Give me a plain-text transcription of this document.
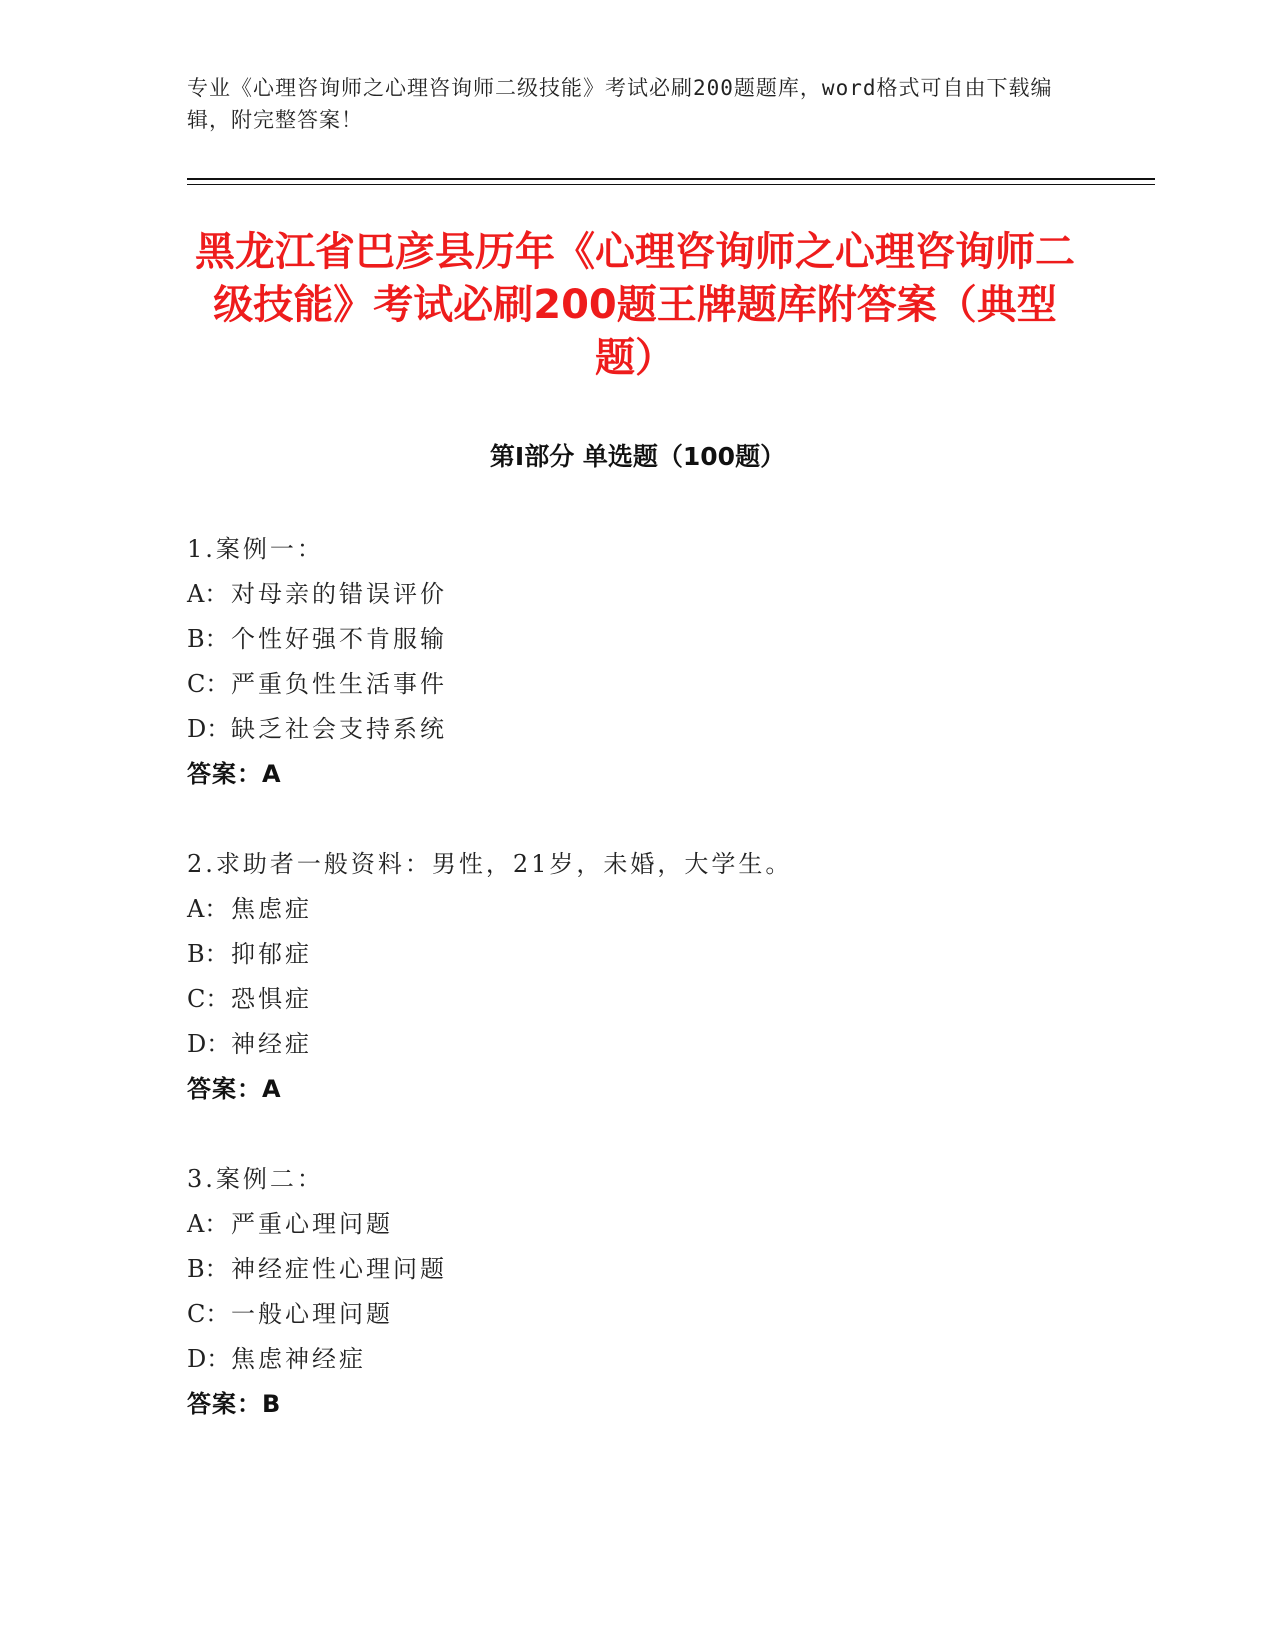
专业《心理咨询师之心理咨询师二级技能》考试必刷200题题库，word格式可自由下载编辑，附完整答案！
黑龙江省巴彦县历年《心理咨询师之心理咨询师二级技能》考试必刷200题王牌题库附答案（典型题）
第Ⅰ部分 单选题（100题）
1.案例一：
A： 对母亲的错误评价
B：个性好强不肯服输
C：严重负性生活事件
D：缺乏社会支持系统
答案：A
2.求助者一般资料：男性，21岁，未婚，大学生。
A： 焦虑症
B：抑郁症
C：恐惧症
D：神经症
答案：A
3.案例二：
A： 严重心理问题
B：神经症性心理问题
C：一般心理问题
D：焦虑神经症
答案：B
